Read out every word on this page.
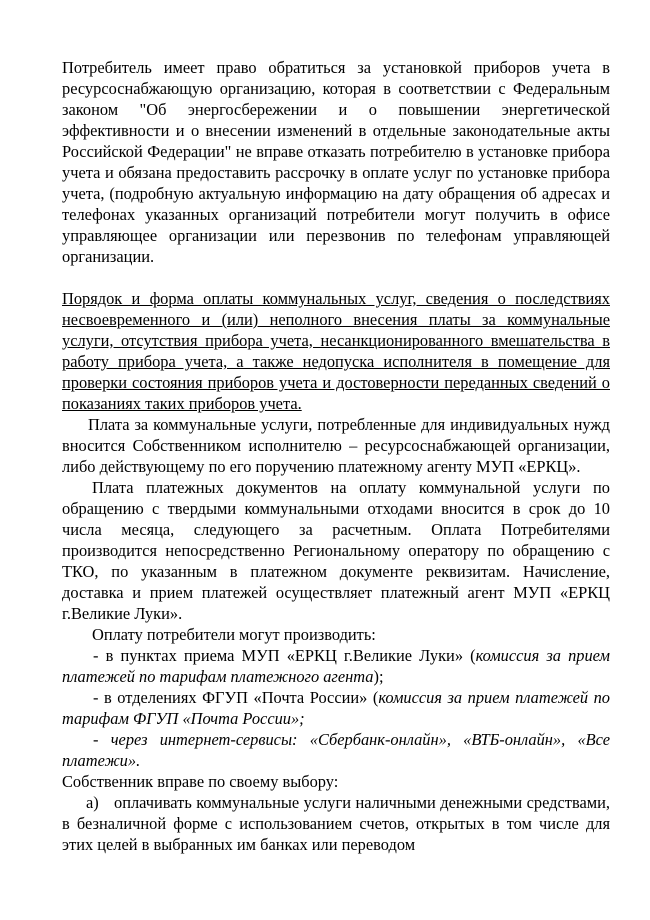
Потребитель имеет право обратиться за установкой приборов учета в ресурсоснабжающую организацию, которая в соответствии с Федеральным законом "Об энергосбережении и о повышении энергетической эффективности и о внесении изменений в отдельные законодательные акты Российской Федерации" не вправе отказать потребителю в установке прибора учета и обязана предоставить рассрочку в оплате услуг по установке прибора учета, (подробную актуальную информацию на дату обращения об адресах и телефонах указанных организаций потребители могут получить в офисе управляющее организации или перезвонив по телефонам управляющей организации.

Порядок и форма оплаты коммунальных услуг, сведения о последствиях несвоевременного и (или) неполного внесения платы за коммунальные услуги, отсутствия прибора учета, несанкционированного вмешательства в работу прибора учета, а также недопуска исполнителя в помещение для проверки состояния приборов учета и достоверности переданных сведений о показаниях таких приборов учета.

Плата за коммунальные услуги, потребленные для индивидуальных нужд вносится Собственником исполнителю – ресурсоснабжающей организации, либо действующему по его поручению платежному агенту МУП «ЕРКЦ».

Плата платежных документов на оплату коммунальной услуги по обращению с твердыми коммунальными отходами вносится в срок до 10 числа месяца, следующего за расчетным. Оплата Потребителями производится непосредственно Региональному оператору по обращению с ТКО, по указанным в платежном документе реквизитам. Начисление, доставка и прием платежей осуществляет платежный агент МУП «ЕРКЦ г.Великие Луки».

Оплату потребители могут производить:

- в пунктах приема МУП «ЕРКЦ г.Великие Луки» (комиссия за прием платежей по тарифам платежного агента);

- в отделениях ФГУП «Почта России» (комиссия за прием платежей по тарифам ФГУП «Почта России»;

- через интернет-сервисы: «Сбербанк-онлайн», «ВТБ-онлайн», «Все платежи».

Собственник вправе по своему выбору:

а) оплачивать коммунальные услуги наличными денежными средствами, в безналичной форме с использованием счетов, открытых в том числе для этих целей в выбранных им банках или переводом
